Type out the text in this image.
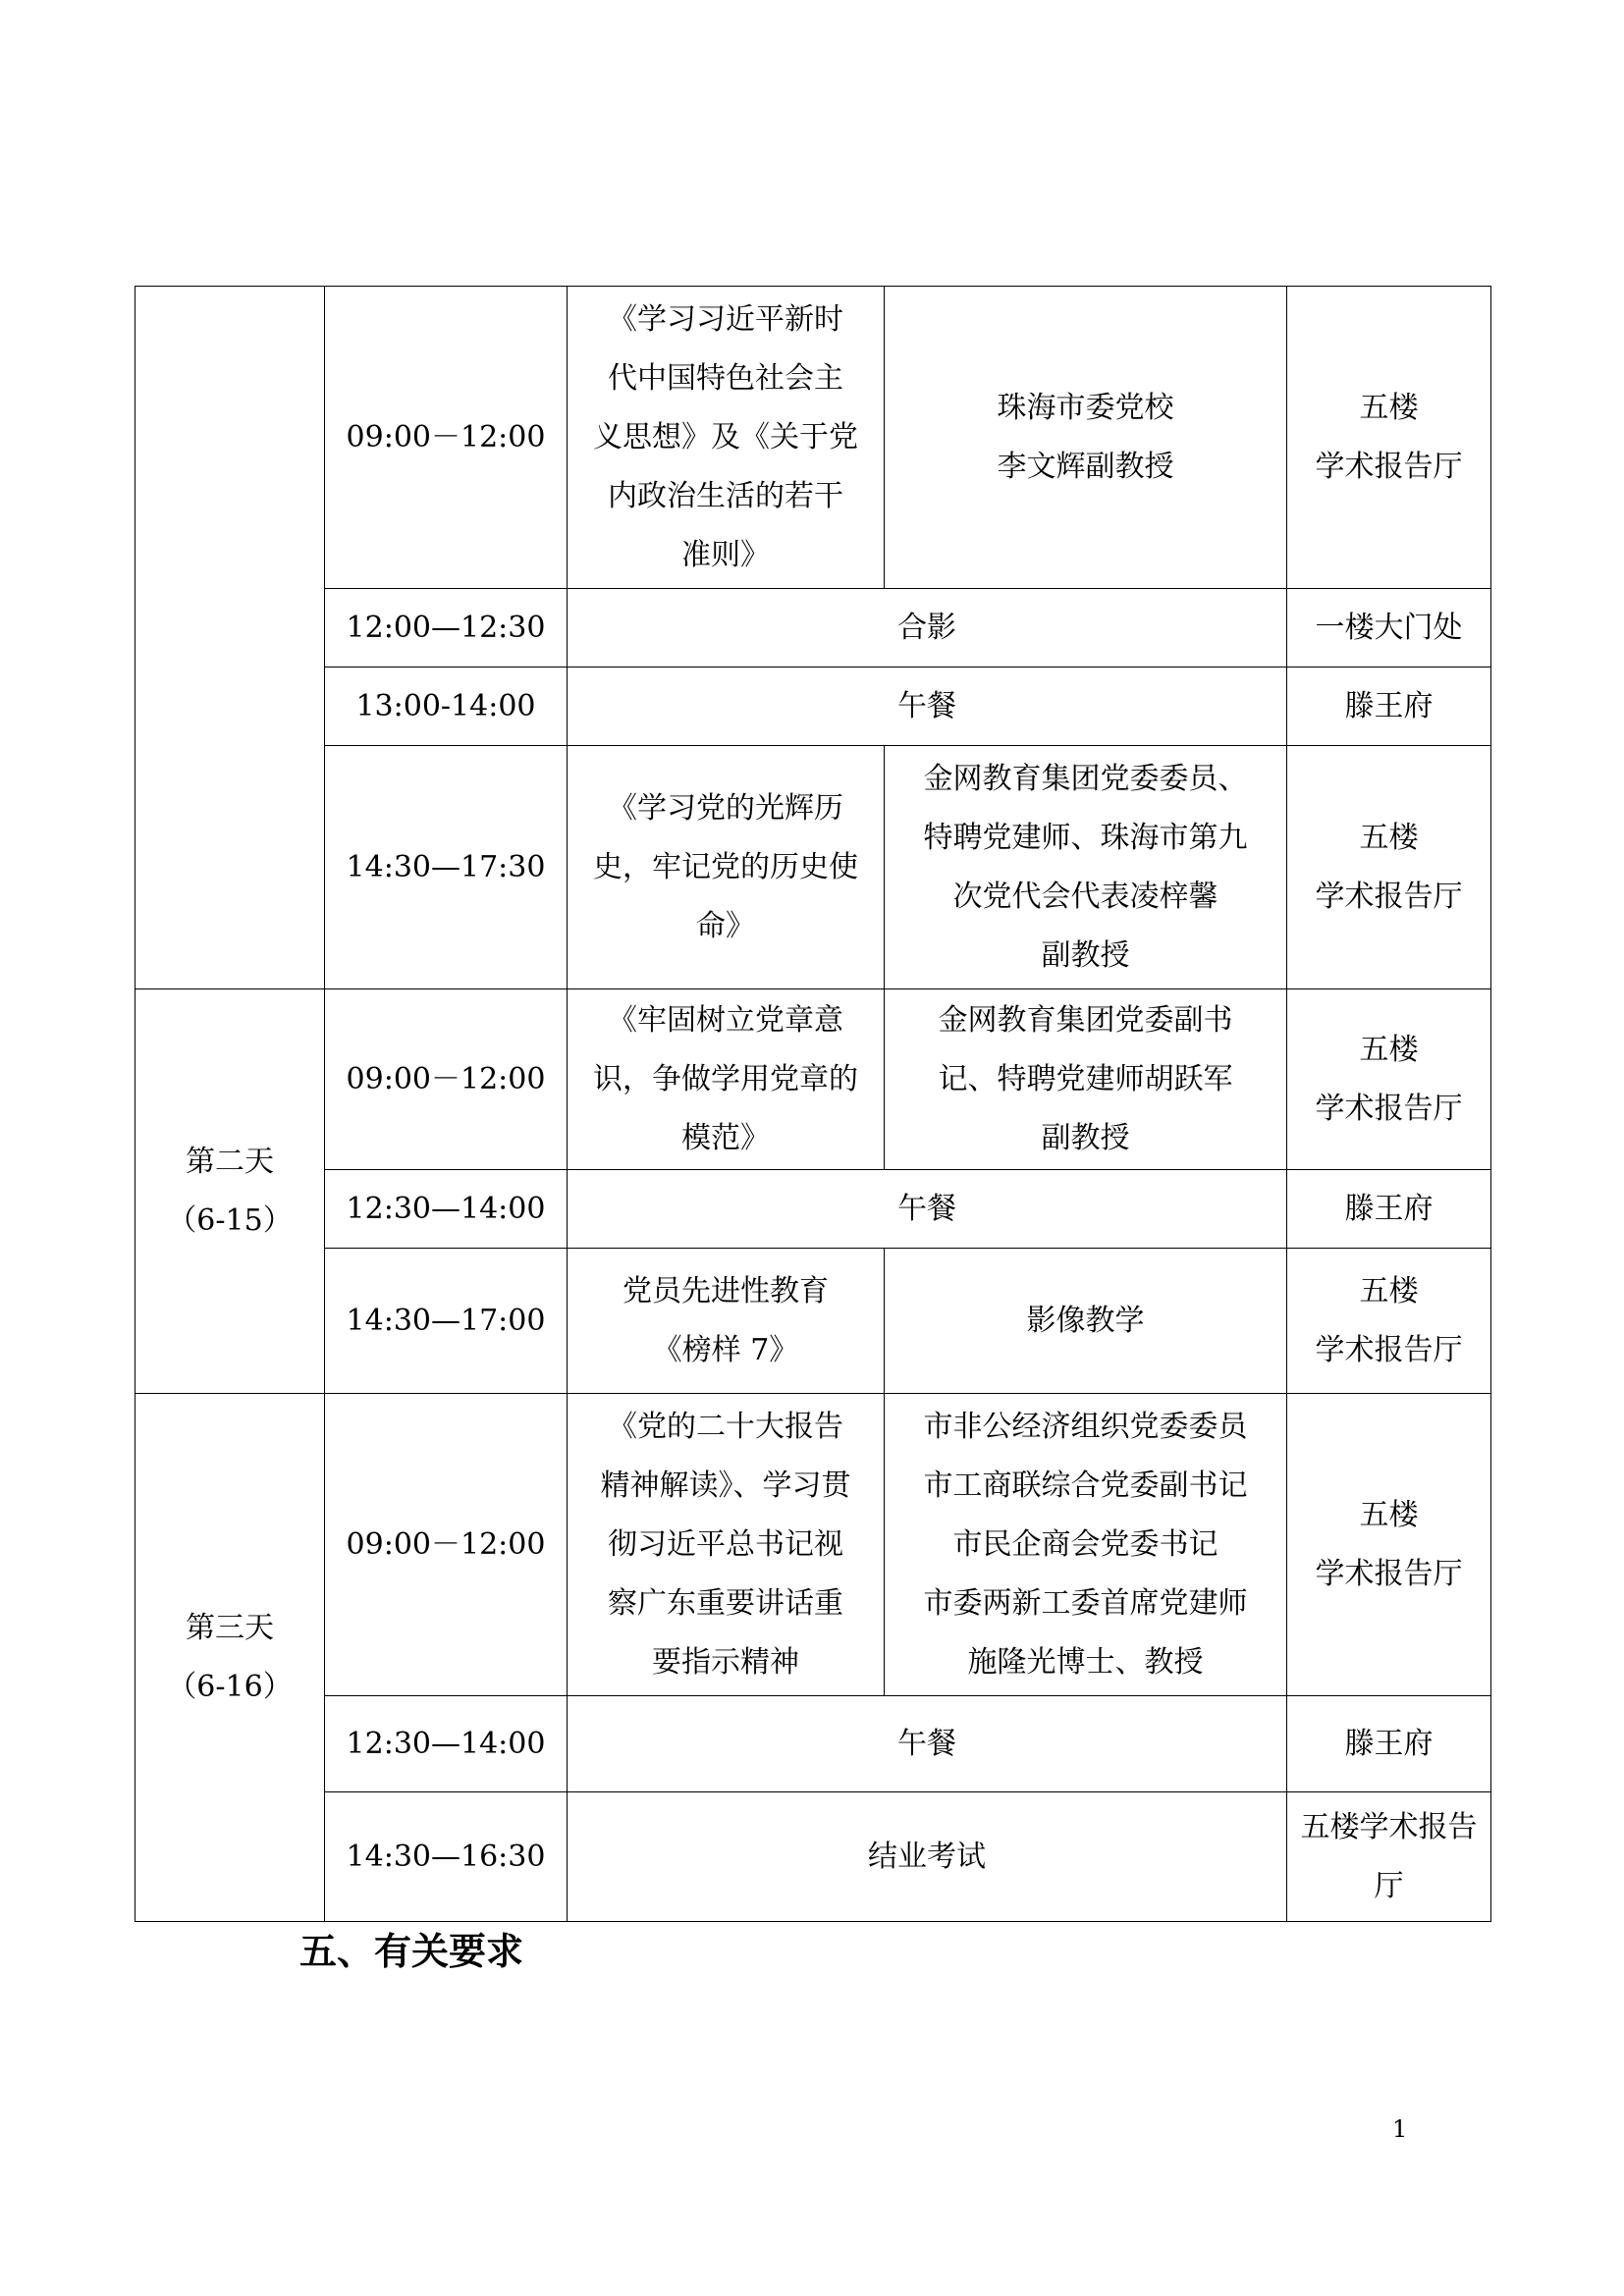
	09:00－12:00	《学习习近平新时
代中国特色社会主
义思想》及《关于党
内政治生活的若干
准则》	珠海市委党校
李文辉副教授	五楼
学术报告厅
	12:00—12:30	合影		一楼大门处
	13:00-14:00	午餐		滕王府
	14:30—17:30	《学习党的光辉历
史，牢记党的历史使
命》	金网教育集团党委委员、
特聘党建师、珠海市第九
次党代会代表凌梓馨
副教授	五楼
学术报告厅
第二天
（6-15）	09:00－12:00	《牢固树立党章意
识，争做学用党章的
模范》	金网教育集团党委副书
记、特聘党建师胡跃军
副教授	五楼
学术报告厅
	12:30—14:00	午餐		滕王府
	14:30—17:00	党员先进性教育
《榜样 7》	影像教学	五楼
学术报告厅
第三天
（6-16）	09:00－12:00	《党的二十大报告
精神解读》、学习贯
彻习近平总书记视
察广东重要讲话重
要指示精神	市非公经济组织党委委员
市工商联综合党委副书记
市民企商会党委书记
市委两新工委首席党建师
施隆光博士、教授	五楼
学术报告厅
	12:30—14:00	午餐		滕王府
	14:30—16:30	结业考试		五楼学术报告
厅
五、有关要求
1
